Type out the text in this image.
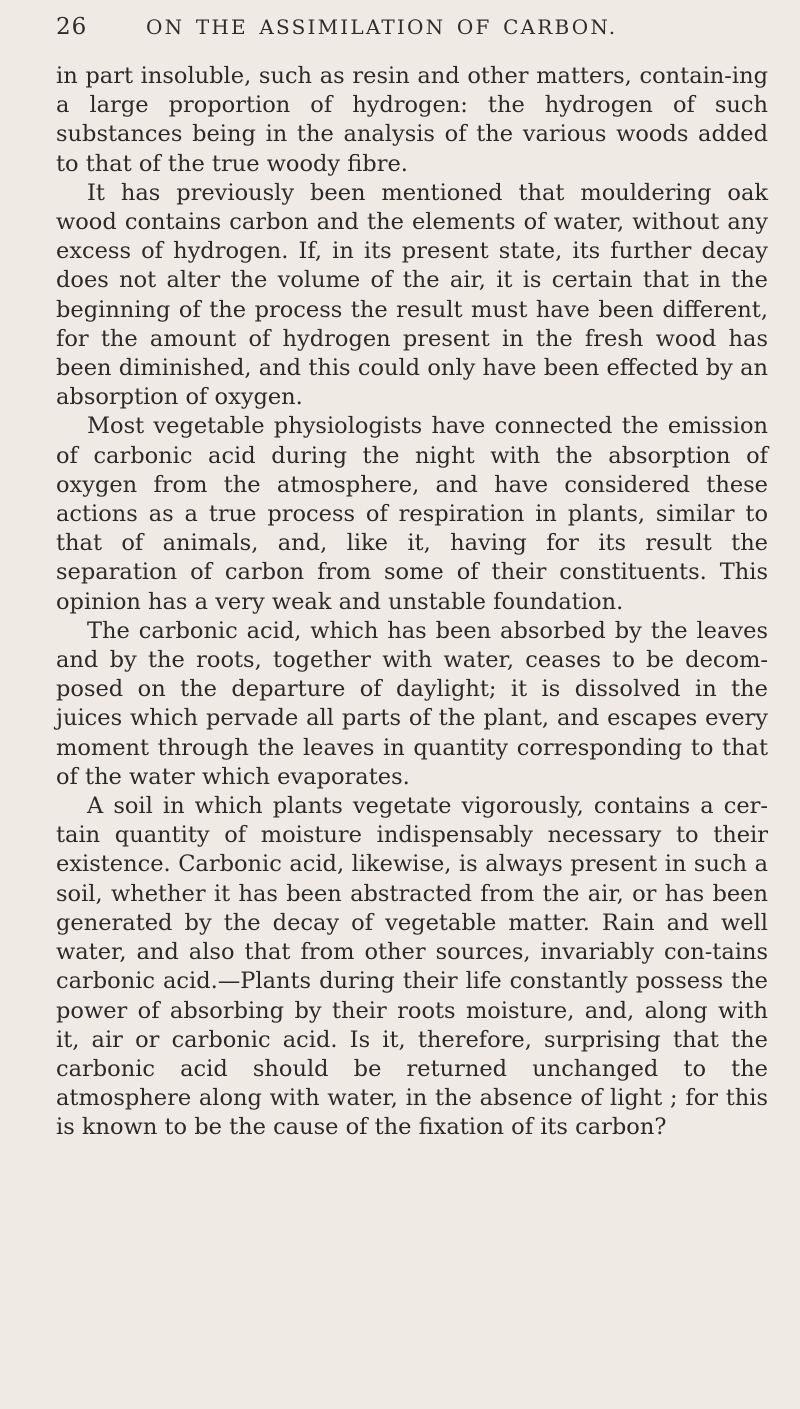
26	ON THE ASSIMILATION OF CARBON.

in part insoluble, such as resin and other matters, contain-ing a large proportion of hydrogen: the hydrogen of such substances being in the analysis of the various woods added to that of the true woody fibre.

It has previously been mentioned that mouldering oak wood contains carbon and the elements of water, without any excess of hydrogen. If, in its present state, its further decay does not alter the volume of the air, it is certain that in the beginning of the process the result must have been different, for the amount of hydrogen present in the fresh wood has been diminished, and this could only have been effected by an absorption of oxygen.

Most vegetable physiologists have connected the emission of carbonic acid during the night with the absorption of oxygen from the atmosphere, and have considered these actions as a true process of respiration in plants, similar to that of animals, and, like it, having for its result the separation of carbon from some of their constituents. This opinion has a very weak and unstable foundation.

The carbonic acid, which has been absorbed by the leaves and by the roots, together with water, ceases to be decom-posed on the departure of daylight; it is dissolved in the juices which pervade all parts of the plant, and escapes every moment through the leaves in quantity corresponding to that of the water which evaporates.

A soil in which plants vegetate vigorously, contains a cer-tain quantity of moisture indispensably necessary to their existence. Carbonic acid, likewise, is always present in such a soil, whether it has been abstracted from the air, or has been generated by the decay of vegetable matter. Rain and well water, and also that from other sources, invariably con-tains carbonic acid.—Plants during their life constantly possess the power of absorbing by their roots moisture, and, along with it, air or carbonic acid. Is it, therefore, surprising that the carbonic acid should be returned unchanged to the atmosphere along with water, in the absence of light ; for this is known to be the cause of the fixation of its carbon?
